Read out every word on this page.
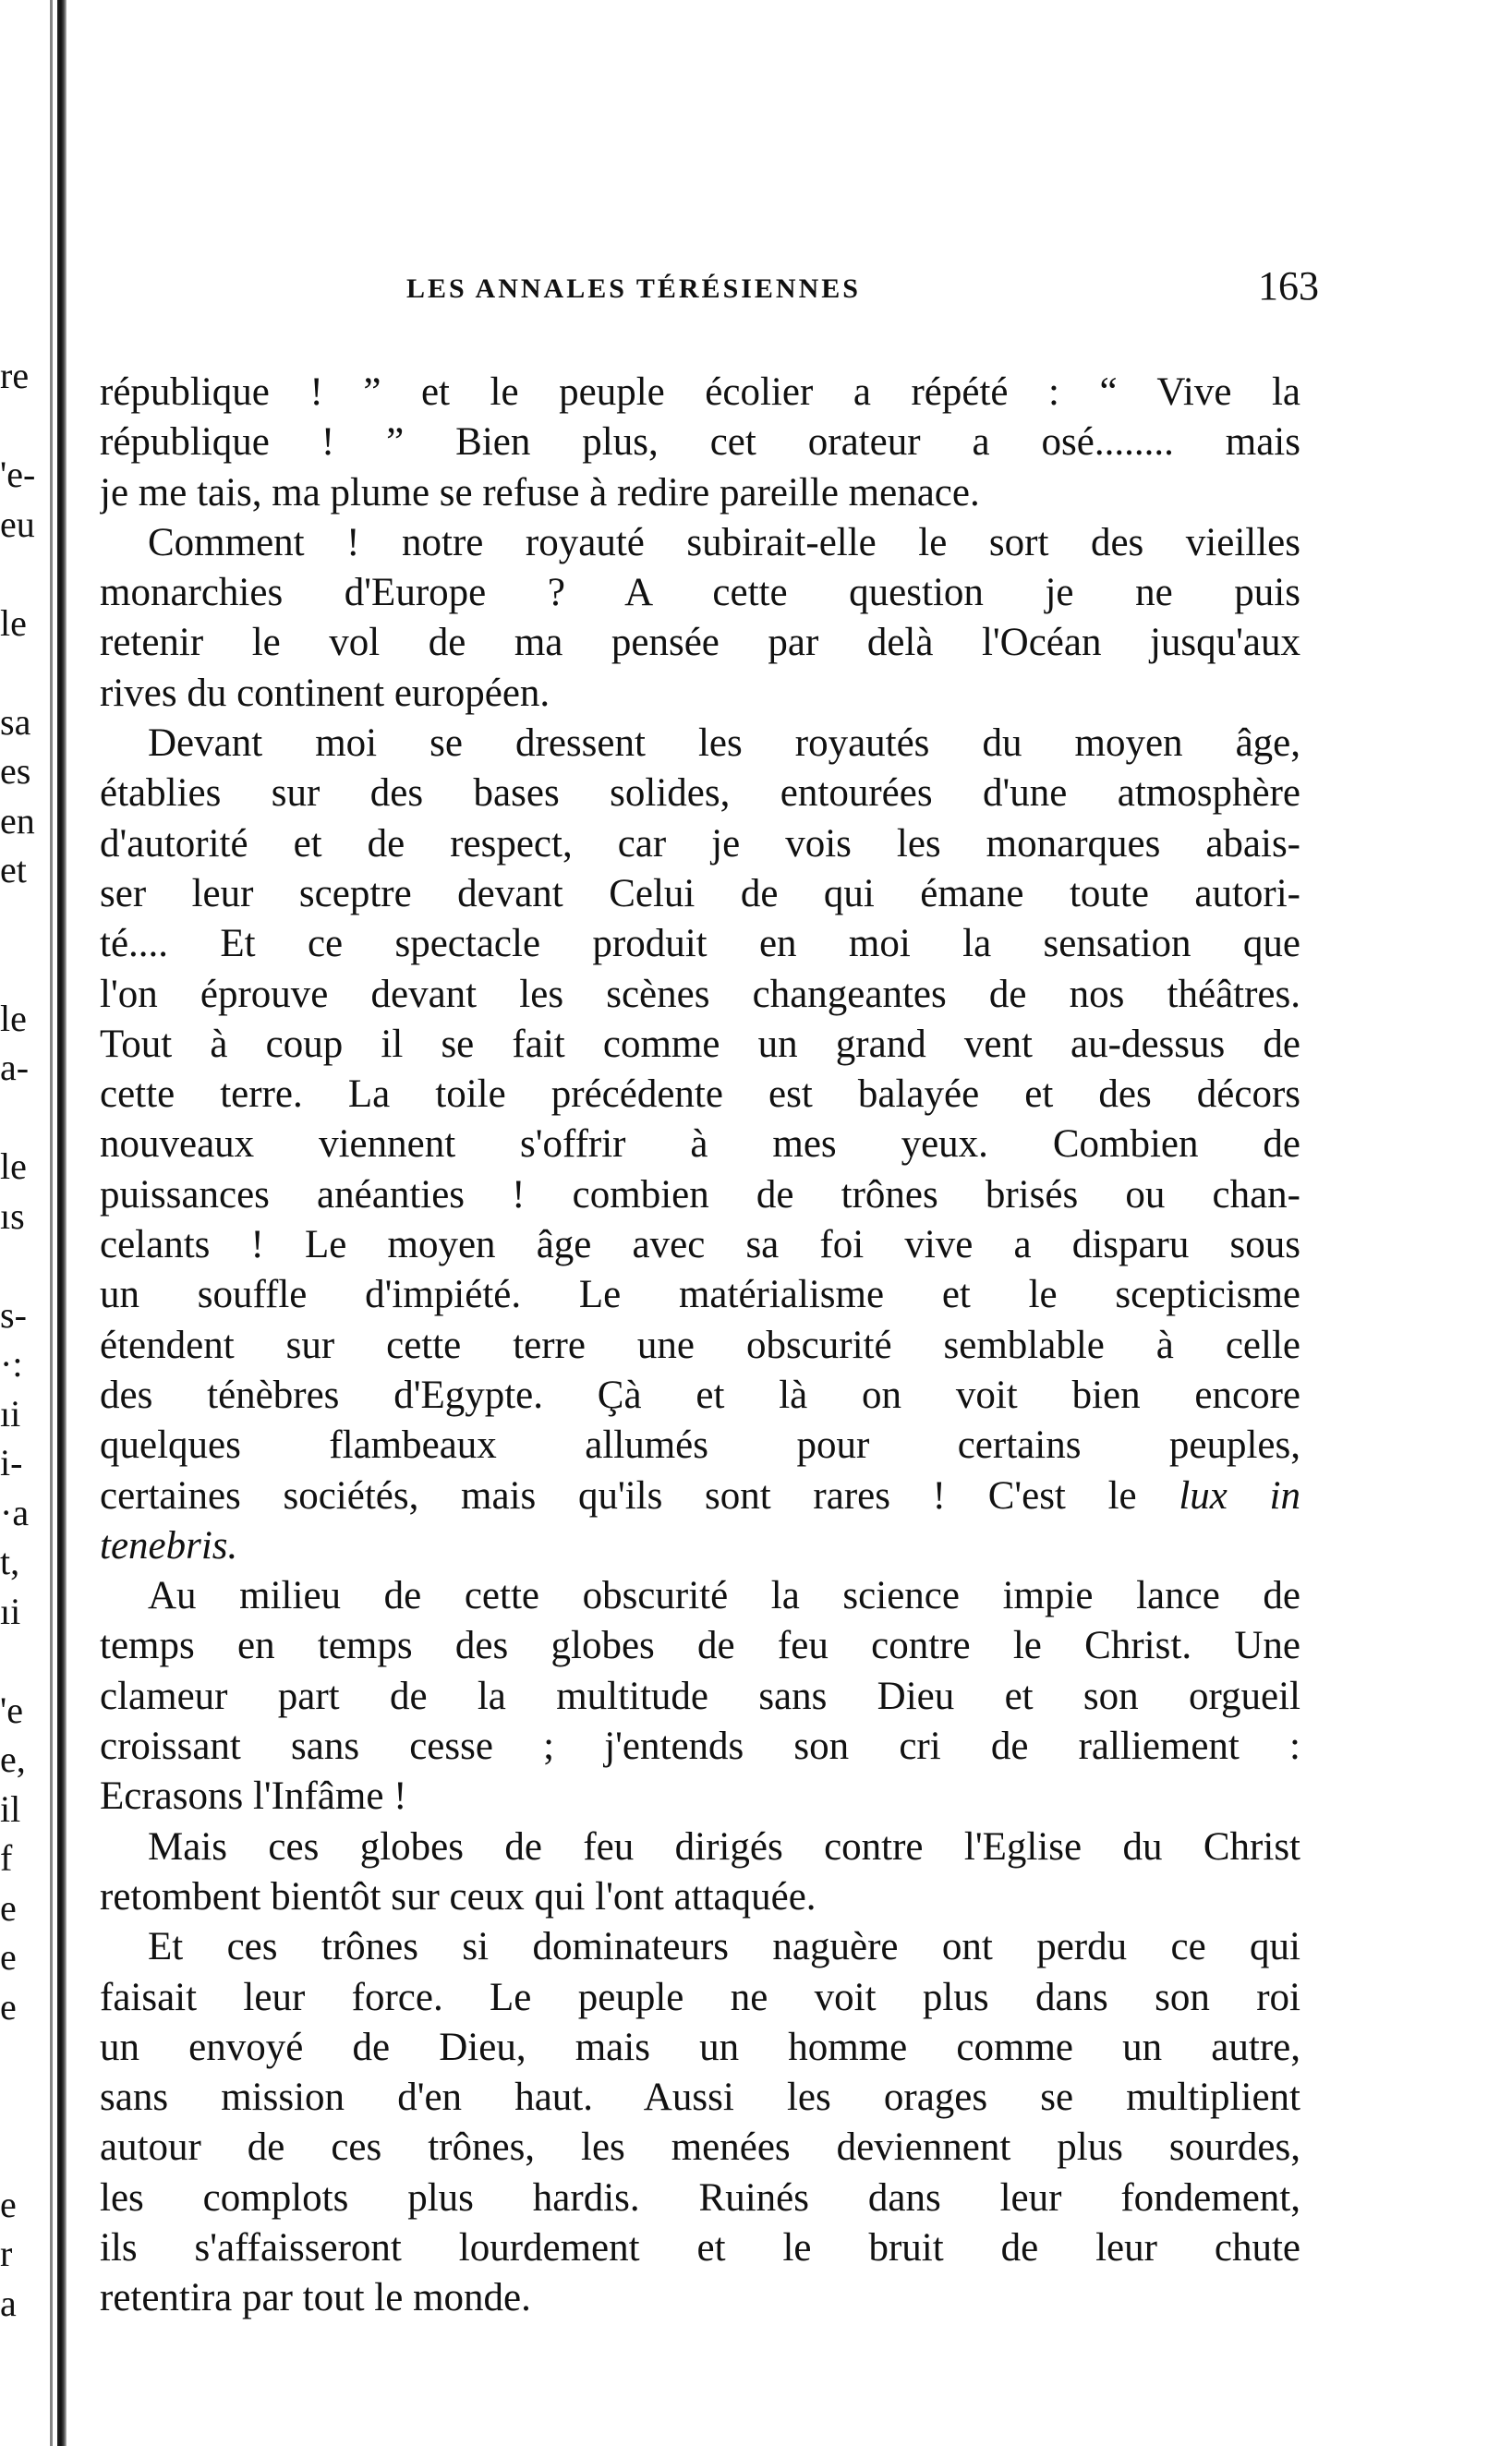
re
'e-
eu
le
sa
es
en
et
le
a-
le
ıs
s-
·:
ıi
i-
·a
t,
ıi
'e
e,
il
f
e
e
e
e
r
a
LES ANNALES TÉRÉSIENNES	163
république ! ” et le peuple écolier a répété : “ Vive la
république ! ” Bien plus, cet orateur a osé........ mais
je me tais, ma plume se refuse à redire pareille menace.
Comment ! notre royauté subirait-elle le sort des vieilles
monarchies d'Europe ? A cette question je ne puis
retenir le vol de ma pensée par delà l'Océan jusqu'aux
rives du continent européen.
Devant moi se dressent les royautés du moyen âge,
établies sur des bases solides, entourées d'une atmosphère
d'autorité et de respect, car je vois les monarques abais-
ser leur sceptre devant Celui de qui émane toute autori-
té.... Et ce spectacle produit en moi la sensation que
l'on éprouve devant les scènes changeantes de nos théâtres.
Tout à coup il se fait comme un grand vent au-dessus de
cette terre. La toile précédente est balayée et des décors
nouveaux viennent s'offrir à mes yeux. Combien de
puissances anéanties ! combien de trônes brisés ou chan-
celants ! Le moyen âge avec sa foi vive a disparu sous
un souffle d'impiété. Le matérialisme et le scepticisme
étendent sur cette terre une obscurité semblable à celle
des ténèbres d'Egypte. Çà et là on voit bien encore
quelques flambeaux allumés pour certains peuples,
certaines sociétés, mais qu'ils sont rares ! C'est le lux in
tenebris.
Au milieu de cette obscurité la science impie lance de
temps en temps des globes de feu contre le Christ. Une
clameur part de la multitude sans Dieu et son orgueil
croissant sans cesse ; j'entends son cri de ralliement :
Ecrasons l'Infâme !
Mais ces globes de feu dirigés contre l'Eglise du Christ
retombent bientôt sur ceux qui l'ont attaquée.
Et ces trônes si dominateurs naguère ont perdu ce qui
faisait leur force. Le peuple ne voit plus dans son roi
un envoyé de Dieu, mais un homme comme un autre,
sans mission d'en haut. Aussi les orages se multiplient
autour de ces trônes, les menées deviennent plus sourdes,
les complots plus hardis. Ruinés dans leur fondement,
ils s'affaisseront lourdement et le bruit de leur chute
retentira par tout le monde.
